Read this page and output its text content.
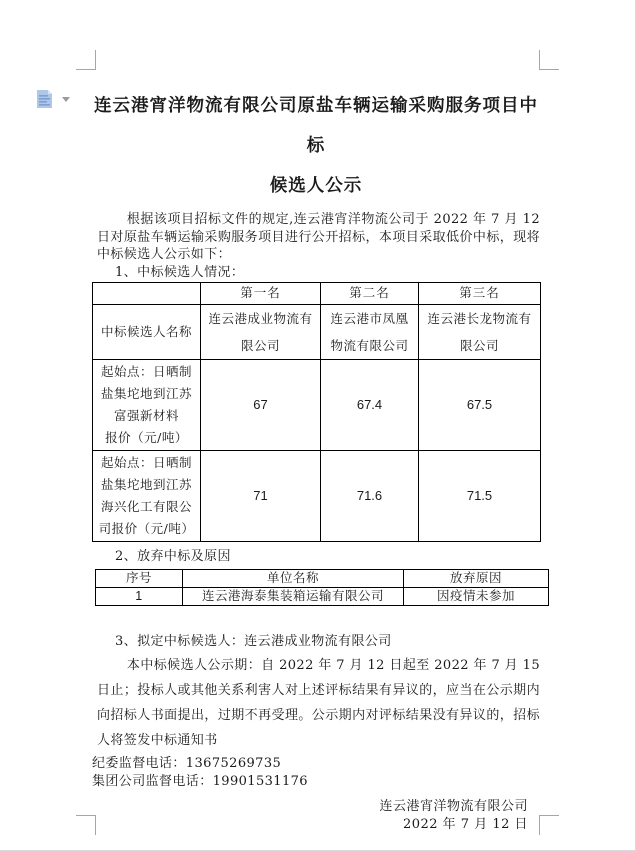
连云港宵洋物流有限公司原盐车辆运输采购服务项目中标
候选人公示

根据该项目招标文件的规定,连云港宵洋物流公司于 2022 年 7 月 12 日对原盐车辆运输采购服务项目进行公开招标，本项目采取低价中标，现将中标候选人公示如下：

1、中标候选人情况：
	第一名	第二名	第三名
中标候选人名称	连云港成业物流有限公司	连云港市凤凰物流有限公司	连云港长龙物流有限公司

起始点：日晒制盐集坨地到江苏富强新材料
报价（元/吨）	67	67.4	67.5
起始点：日晒制盐集坨地到江苏海兴化工有限公司报价（元/吨）	71	71.6	71.5
2、放弃中标及原因
序号	单位名称	放弃原因
1	连云港海泰集装箱运输有限公司	因疫情未参加
3、拟定中标候选人：连云港成业物流有限公司

本中标候选人公示期：自 2022 年 7 月 12 日起至 2022 年 7 月 15 日止；投标人或其他关系利害人对上述评标结果有异议的，应当在公示期内向招标人书面提出，过期不再受理。公示期内对评标结果没有异议的，招标人将签发中标通知书

纪委监督电话：13675269735
集团公司监督电话：19901531176
连云港宵洋物流有限公司
2022 年 7 月 12 日
